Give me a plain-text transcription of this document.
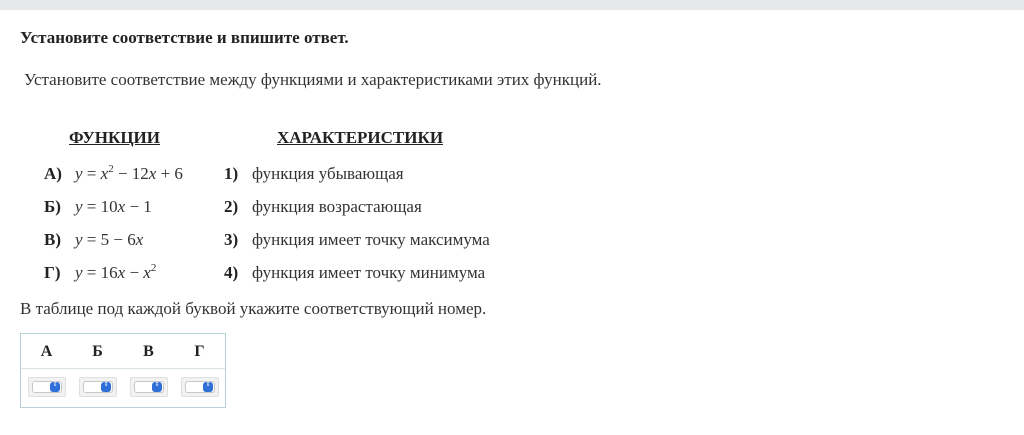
Установите соответствие и впишите ответ.
Установите соответствие между функциями и характеристиками этих функций.
ФУНКЦИИ	ХАРАКТЕРИСТИКИ
А) $y = x^2 - 12x + 6$ 1) функция убывающая
Б) y = 10x − 1	2) функция возрастающая
В) y = 5 − 6x	3) функция имеет точку максимума
Г) $y = 16x - x^2$	4) функция имеет точку минимума
В таблице под каждой буквой укажите соответствующий номер.
А	Б	В	Г
⇕	⇕	⇕	⇕
